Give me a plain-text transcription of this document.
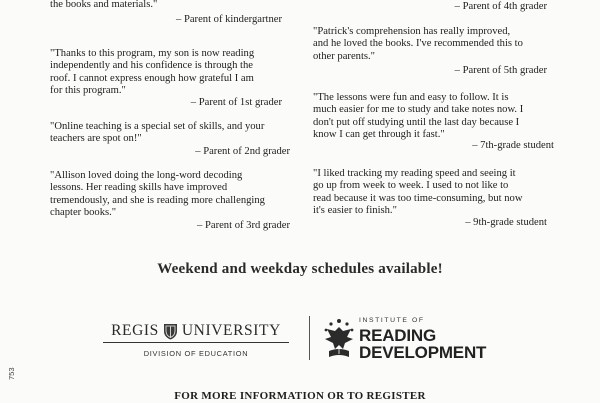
the books and materials."

– Parent of kindergartner

"Thanks to this program, my son is now reading
independently and his confidence is through the
roof. I cannot express enough how grateful I am
for this program."

– Parent of 1st grader

"Online teaching is a special set of skills, and your
teachers are spot on!"

– Parent of 2nd grader

"Allison loved doing the long-word decoding
lessons. Her reading skills have improved
tremendously, and she is reading more challenging
chapter books."

– Parent of 3rd grader
– Parent of 4th grader

"Patrick's comprehension has really improved,
and he loved the books. I've recommended this to
other parents."

– Parent of 5th grader

"The lessons were fun and easy to follow. It is
much easier for me to study and take notes now. I
don't put off studying until the last day because I
know I can get through it fast."

– 7th-grade student

"I liked tracking my reading speed and seeing it
go up from week to week. I used to not like to
read because it was too time-consuming, but now
it's easier to finish."

– 9th-grade student
Weekend and weekday schedules available!
REGIS UNIVERSITY
DIVISION OF EDUCATION
INSTITUTE OF
READING
DEVELOPMENT
753
FOR MORE INFORMATION OR TO REGISTER
